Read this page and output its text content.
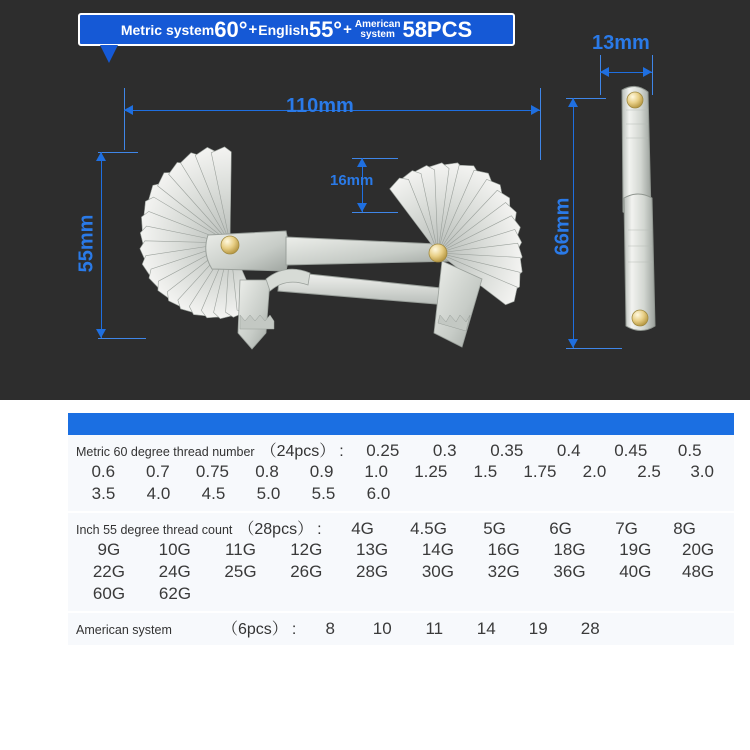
Metric system 60° + English 55° + American
system 58PCS
110mm
55mm
16mm
13mm
66mm
Metric 60 degree thread number （24pcs） :	0.25	0.3	0.35	0.4	0.45	0.5
0.6	0.7	0.75	0.8	0.9	1.0	1.25	1.5	1.75	2.0	2.5	3.0
3.5	4.0	4.5	5.0	5.5	6.0
Inch 55 degree thread count （28pcs） :	4G	4.5G	5G	6G	7G	8G
9G	10G	11G	12G	13G	14G	16G	18G	19G	20G
22G	24G	25G	26G	28G	30G	32G	36G	40G	48G
60G	62G
American system	（6pcs） :	8	10	11	14	19	28
